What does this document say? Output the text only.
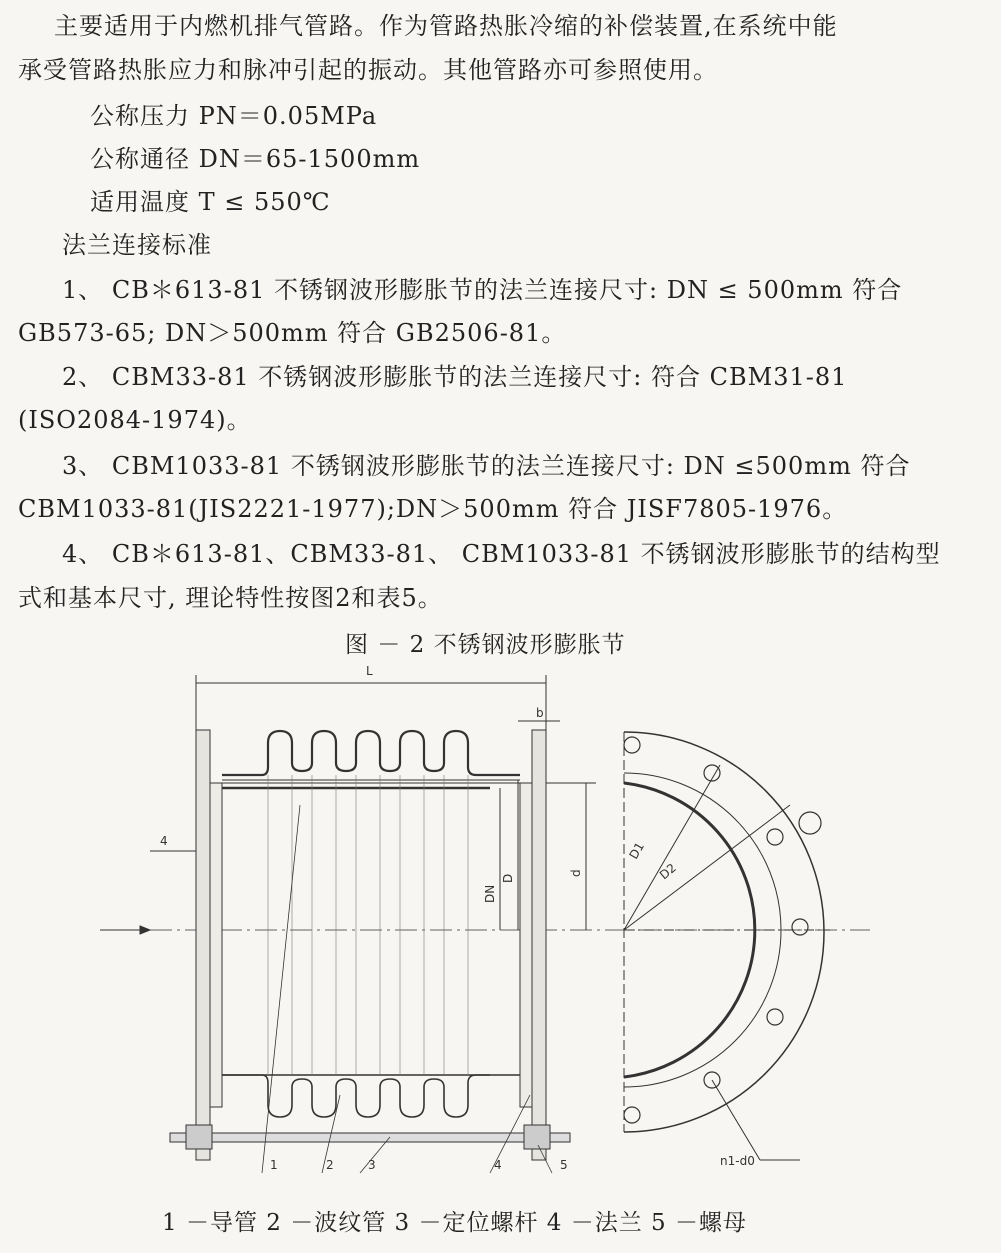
主要适用于内燃机排气管路。作为管路热胀冷缩的补偿装置,在系统中能
承受管路热胀应力和脉冲引起的振动。其他管路亦可参照使用。
公称压力 PN＝0.05MPa
公称通径 DN＝65-1500mm
适用温度 T ≤ 550℃
法兰连接标准
1、 CB＊613-81 不锈钢波形膨胀节的法兰连接尺寸: DN ≤ 500mm 符合
GB573-65; DN＞500mm 符合 GB2506-81。
2、 CBM33-81 不锈钢波形膨胀节的法兰连接尺寸: 符合 CBM31-81
(ISO2084-1974)。
3、 CBM1033-81 不锈钢波形膨胀节的法兰连接尺寸: DN ≤500mm 符合
CBM1033-81(JIS2221-1977);DN＞500mm 符合 JISF7805-1976。
4、 CB＊613-81、CBM33-81、 CBM1033-81 不锈钢波形膨胀节的结构型
式和基本尺寸, 理论特性按图2和表5。
图 － 2 不锈钢波形膨胀节
L
b
4
DN
D
d
D1
D2
n1-d0
1	2	3	4	5
1 －导管 2 －波纹管 3 －定位螺杆 4 －法兰 5 －螺母
